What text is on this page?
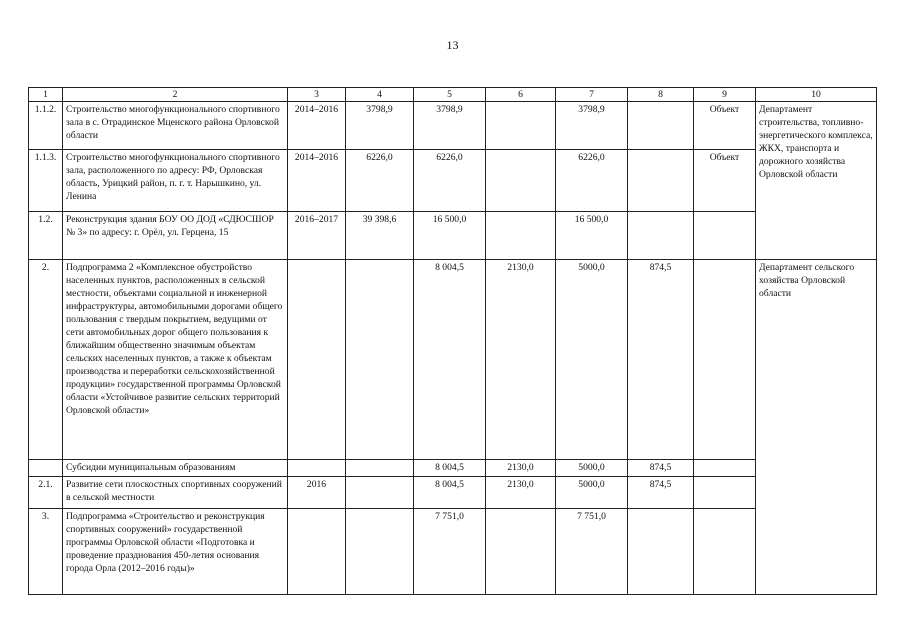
13
1	2	3	4	5	6	7	8	9	10
1.1.2.	Строительство многофункционального спортивного зала в с. Отрадинское Мценского района Орловской области	2014–2016	3798,9	3798,9		3798,9		Объект	Департамент строительства, топливно-энергетического комплекса, ЖКХ, транспорта и дорожного хозяйства Орловской области
1.1.3.	Строительство многофункционального спортивного зала, расположенного по адресу: РФ, Орловская область, Урицкий район, п. г. т. Нарышкино, ул. Ленина	2014–2016	6226,0	6226,0		6226,0		Объект	
1.2.	Реконструкция здания БОУ ОО ДОД «СДЮСШОР № 3» по адресу: г. Орёл, ул. Герцена, 15	2016–2017	39 398,6	16 500,0		16 500,0			
2.	Подпрограмма 2 «Комплексное обустройство населенных пунктов, расположенных в сельской местности, объектами социальной и инженерной инфраструктуры, автомобильными дорогами общего пользования с твердым покрытием, ведущими от сети автомобильных дорог общего пользования к ближайшим общественно значимым объектам сельских населенных пунктов, а также к объектам производства и переработки сельскохозяйственной продукции» государственной программы Орловской области «Устойчивое развитие сельских территорий Орловской области»			8 004,5	2130,0	5000,0	874,5		Департамент сельского хозяйства Орловской области
	Субсидии муниципальным образованиям			8 004,5	2130,0	5000,0	874,5		
2.1.	Развитие сети плоскостных спортивных сооружений в сельской местности	2016		8 004,5	2130,0	5000,0	874,5		
3.	Подпрограмма «Строительство и реконструкция спортивных сооружений» государственной программы Орловской области «Подготовка и проведение празднования 450-летия основания города Орла (2012–2016 годы)»			7 751,0		7 751,0			
